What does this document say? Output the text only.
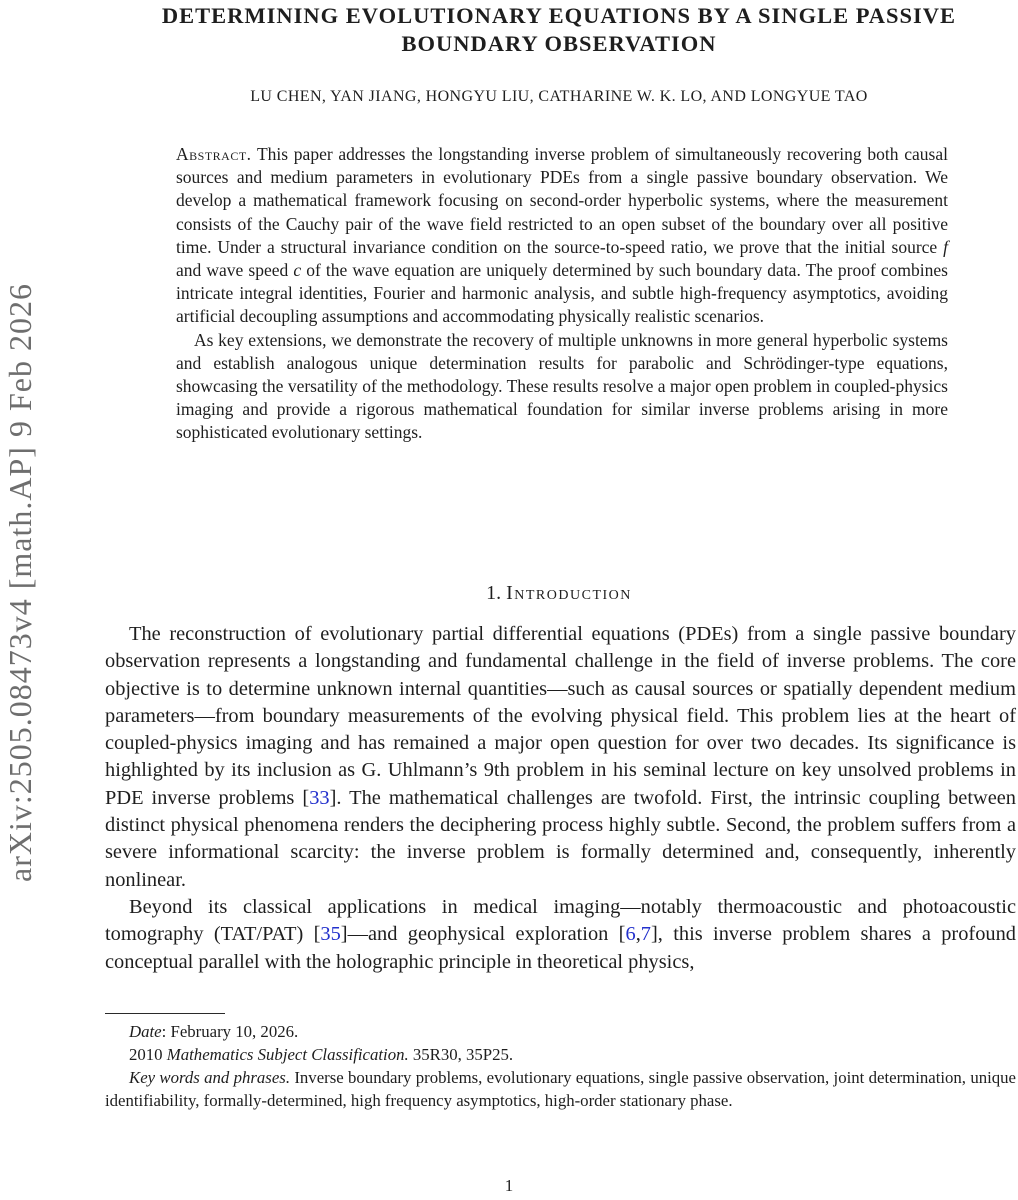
arXiv:2505.08473v4 [math.AP] 9 Feb 2026
DETERMINING EVOLUTIONARY EQUATIONS BY A SINGLE PASSIVE
BOUNDARY OBSERVATION
LU CHEN, YAN JIANG, HONGYU LIU, CATHARINE W. K. LO, AND LONGYUE TAO

Abstract. This paper addresses the longstanding inverse problem of simultaneously recovering both causal sources and medium parameters in evolutionary PDEs from a single passive boundary observation. We develop a mathematical framework focusing on second-order hyperbolic systems, where the measurement consists of the Cauchy pair of the wave field restricted to an open subset of the boundary over all positive time. Under a structural invariance condition on the source-to-speed ratio, we prove that the initial source f and wave speed c of the wave equation are uniquely determined by such boundary data. The proof combines intricate integral identities, Fourier and harmonic analysis, and subtle high-frequency asymptotics, avoiding artificial decoupling assumptions and accommodating physically realistic scenarios.

As key extensions, we demonstrate the recovery of multiple unknowns in more general hyperbolic systems and establish analogous unique determination results for parabolic and Schrödinger-type equations, showcasing the versatility of the methodology. These results resolve a major open problem in coupled-physics imaging and provide a rigorous mathematical foundation for similar inverse problems arising in more sophisticated evolutionary settings.

1. Introduction

The reconstruction of evolutionary partial differential equations (PDEs) from a single passive boundary observation represents a longstanding and fundamental challenge in the field of inverse problems. The core objective is to determine unknown internal quantities—such as causal sources or spatially dependent medium parameters—from boundary measurements of the evolving physical field. This problem lies at the heart of coupled-physics imaging and has remained a major open question for over two decades. Its significance is highlighted by its inclusion as G. Uhlmann’s 9th problem in his seminal lecture on key unsolved problems in PDE inverse problems [33]. The mathematical challenges are twofold. First, the intrinsic coupling between distinct physical phenomena renders the deciphering process highly subtle. Second, the problem suffers from a severe informational scarcity: the inverse problem is formally determined and, consequently, inherently nonlinear.

Beyond its classical applications in medical imaging—notably thermoacoustic and photoacoustic tomography (TAT/PAT) [35]—and geophysical exploration [6,7], this inverse problem shares a profound conceptual parallel with the holographic principle in theoretical physics,

Date: February 10, 2026.

2010 Mathematics Subject Classification. 35R30, 35P25.

Key words and phrases. Inverse boundary problems, evolutionary equations, single passive observation, joint determination, unique identifiability, formally-determined, high frequency asymptotics, high-order stationary phase.

1
